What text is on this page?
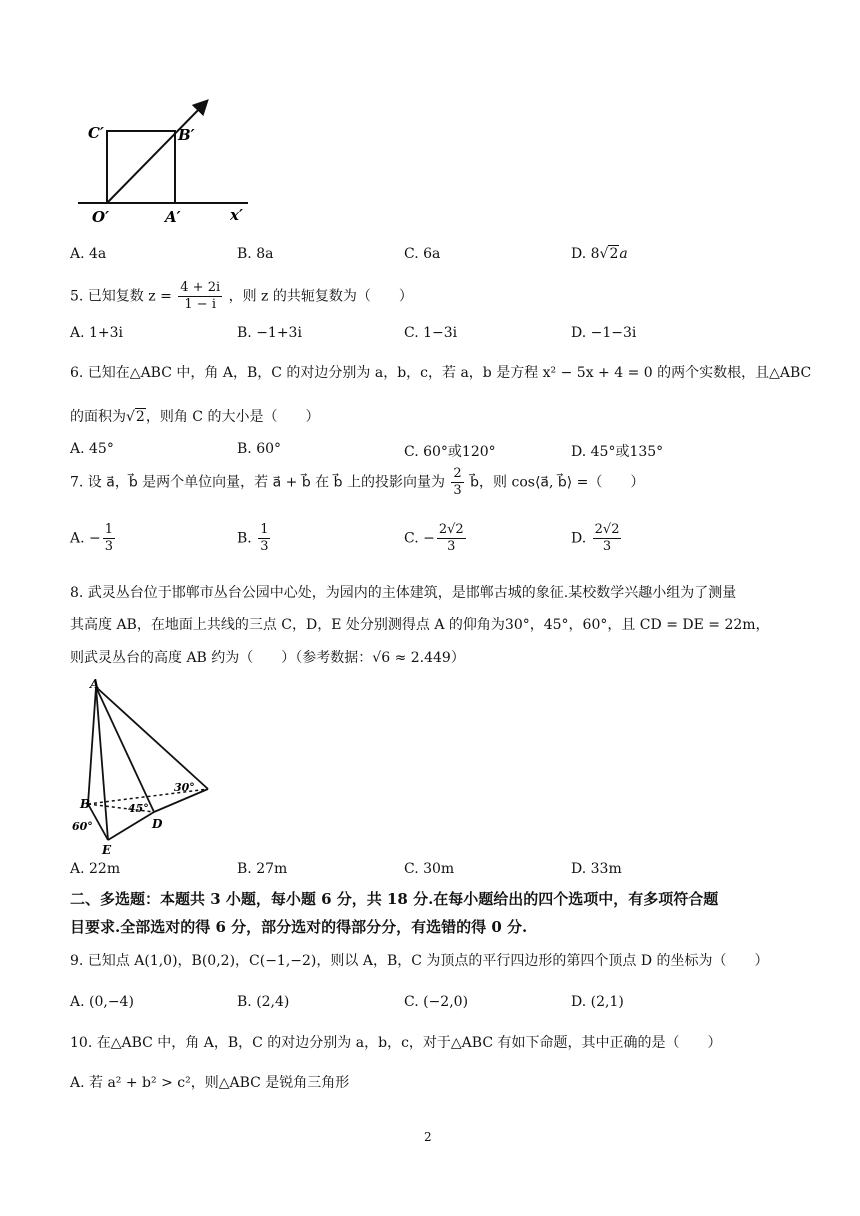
C′	B′
O′	A′	x′
A. 4a	B. 8a	C. 6a	D. 8√2a
5. 已知复数 $z = \frac{4 + 2i}{1 - i}$ ，则 z 的共轭复数为（　　）
A. 1+3i	B. −1+3i	C. 1−3i	D. −1−3i
6. 已知在△ABC 中，角 A，B，C 的对边分别为 a，b，c，若 a，b 是方程 x² − 5x + 4 = 0 的两个实数根，且△ABC
的面积为√2，则角 C 的大小是（　　）
A. 45°	B. 60°	C. 60°或120°	D. 45°或135°
7. 设 a⃗，b⃗ 是两个单位向量，若 a⃗ + b⃗ 在 b⃗ 上的投影向量为 $\frac{2}{3}$ b⃗，则 cos⟨a⃗, b⃗⟩ =（　　）
A. − $\frac{1}{3}$	B. $\frac{1}{3}$	C. − $\frac{2√2}{3}$	D. $\frac{2√2}{3}$
8. 武灵丛台位于邯郸市丛台公园中心处，为园内的主体建筑，是邯郸古城的象征.某校数学兴趣小组为了测量
其高度 AB，在地面上共线的三点 C，D，E 处分别测得点 A 的仰角为30°，45°，60°，且 CD = DE = 22m，
则武灵丛台的高度 AB 约为（　　）（参考数据：√6 ≈ 2.449）
A
B
D
E
30°
45°
60°
A. 22m	B. 27m	C. 30m	D. 33m
二、多选题：本题共 3 小题，每小题 6 分，共 18 分.在每小题给出的四个选项中，有多项符合题
目要求.全部选对的得 6 分，部分选对的得部分分，有选错的得 0 分.
9. 已知点 A(1,0)，B(0,2)，C(−1,−2)，则以 A，B，C 为顶点的平行四边形的第四个顶点 D 的坐标为（　　）
A. (0,−4)	B. (2,4)	C. (−2,0)	D. (2,1)
10. 在△ABC 中，角 A，B，C 的对边分别为 a，b，c，对于△ABC 有如下命题，其中正确的是（　　）
A. 若 a² + b² > c²，则△ABC 是锐角三角形
2
